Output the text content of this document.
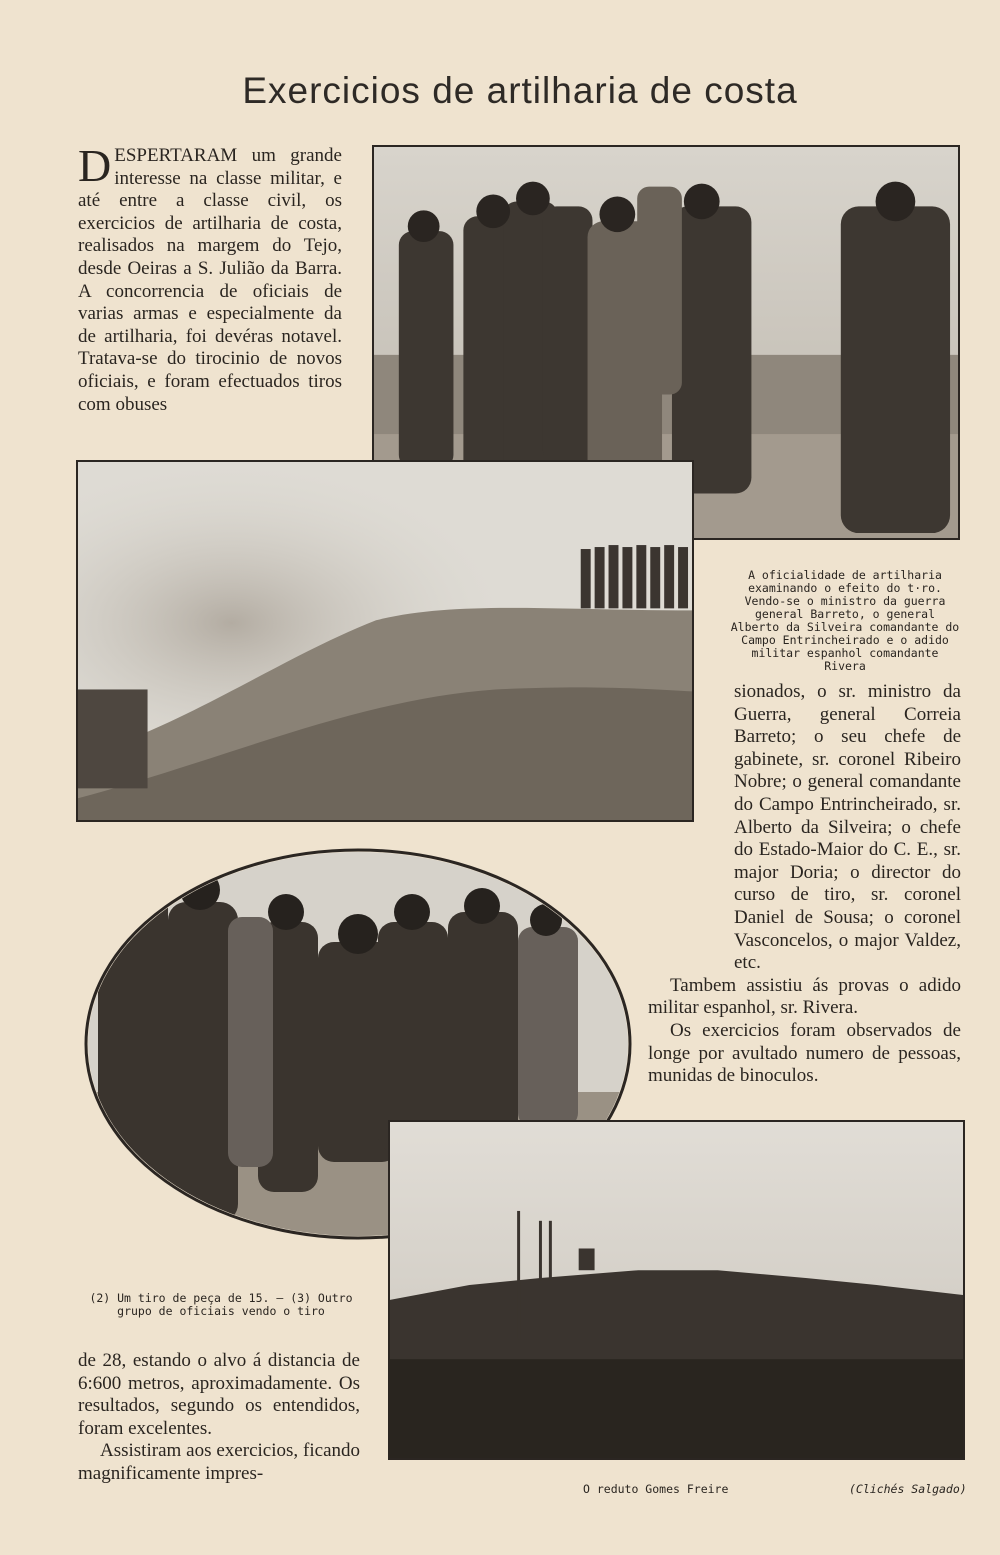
Exercicios de artilharia de costa
D ESPERTARAM um grande interesse na classe militar, e até entre a classe civil, os exercicios de artilharia de costa, realisados na margem do Tejo, desde Oeiras a S. Julião da Barra. A concorrencia de oficiais de varias armas e especialmente da de artilharia, foi devéras notavel. Tratava-se do tirocinio de novos oficiais, e foram efectuados tiros com obuses
A oficialidade de artilharia examinando o efeito do t·ro. Vendo-se o ministro da guerra general Barreto, o general Alberto da Silveira comandante do Campo Entrincheirado e o adido militar espanhol comandante Rivera

sionados, o sr. ministro da Guerra, general Correia Barreto; o seu chefe de gabinete, sr. coronel Ribeiro Nobre; o general comandante do Campo Entrincheirado, sr. Alberto da Silveira; o chefe do Estado-Maior do C. E., sr. major Doria; o director do curso de tiro, sr. coronel Daniel de Sousa; o coronel Vasconcelos, o major Valdez, etc.

Tambem assistiu ás provas o adido militar espanhol, sr. Rivera.

Os exercicios foram observados de longe por avultado numero de pessoas, munidas de binoculos.

(2) Um tiro de peça de 15. — (3) Outro grupo de oficiais vendo o tiro

de 28, estando o alvo á distancia de 6:600 metros, aproximadamente. Os resultados, segundo os entendidos, foram excelentes.

Assistiram aos exercicios, ficando magnificamente impres-

O reduto Gomes Freire	(Clichés Salgado)
